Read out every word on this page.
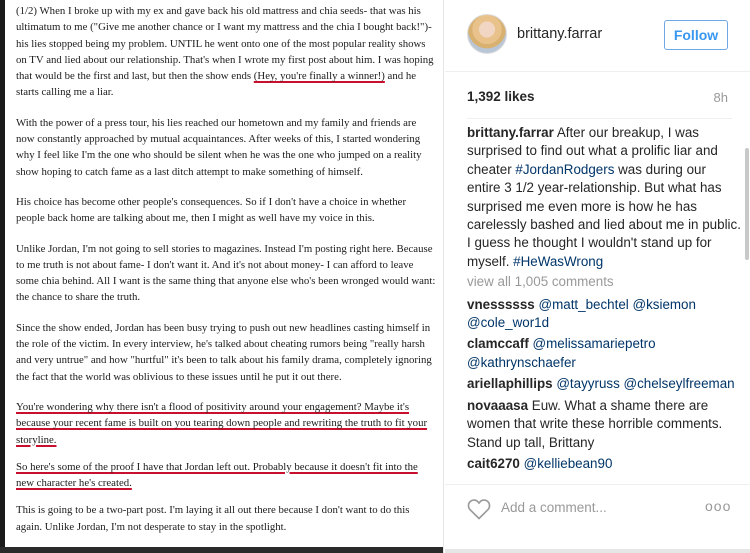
(1/2) When I broke up with my ex and gave back his old mattress and chia seeds- that was his ultimatum to me ("Give me another chance or I want my mattress and the chia I bought back!")- his lies stopped being my problem. UNTIL he went onto one of the most popular reality shows on TV and lied about our relationship. That's when I wrote my first post about him. I was hoping that would be the first and last, but then the show ends (Hey, you're finally a winner!) and he starts calling me a liar.

With the power of a press tour, his lies reached our hometown and my family and friends are now constantly approached by mutual acquaintances. After weeks of this, I started wondering why I feel like I'm the one who should be silent when he was the one who jumped on a reality show hoping to catch fame as a last ditch attempt to make something of himself.

His choice has become other people's consequences. So if I don't have a choice in whether people back home are talking about me, then I might as well have my voice in this.

Unlike Jordan, I'm not going to sell stories to magazines. Instead I'm posting right here. Because to me truth is not about fame- I don't want it. And it's not about money- I can afford to leave some chia behind. All I want is the same thing that anyone else who's been wronged would want: the chance to share the truth.

Since the show ended, Jordan has been busy trying to push out new headlines casting himself in the role of the victim. In every interview, he's talked about cheating rumors being "really harsh and very untrue" and how "hurtful" it's been to talk about his family drama, completely ignoring the fact that the world was oblivious to these issues until he put it out there.

You're wondering why there isn't a flood of positivity around your engagement? Maybe it's because your recent fame is built on you tearing down people and rewriting the truth to fit your storyline.

So here's some of the proof I have that Jordan left out. Probably because it doesn't fit into the new character he's created.

This is going to be a two-part post. I'm laying it all out there because I don't want to do this again. Unlike Jordan, I'm not desperate to stay in the spotlight.

brittany.farrar	Follow
1,392 likes	8h
brittany.farrar After our breakup, I was surprised to find out what a prolific liar and cheater #JordanRodgers was during our entire 3 1/2 year-relationship. But what has surprised me even more is how he has carelessly bashed and lied about me in public. I guess he thought I wouldn't stand up for myself. #HeWasWrong
view all 1,005 comments
vnessssss @matt_bechtel @ksiemon @cole_wor1d
clamccaff @melissamariepetro @kathrynschaefer
ariellaphillips @tayyruss @chelseylfreeman
novaaasa Euw. What a shame there are women that write these horrible comments. Stand up tall, Brittany
cait6270 @kelliebean90
Add a comment...	ooo
